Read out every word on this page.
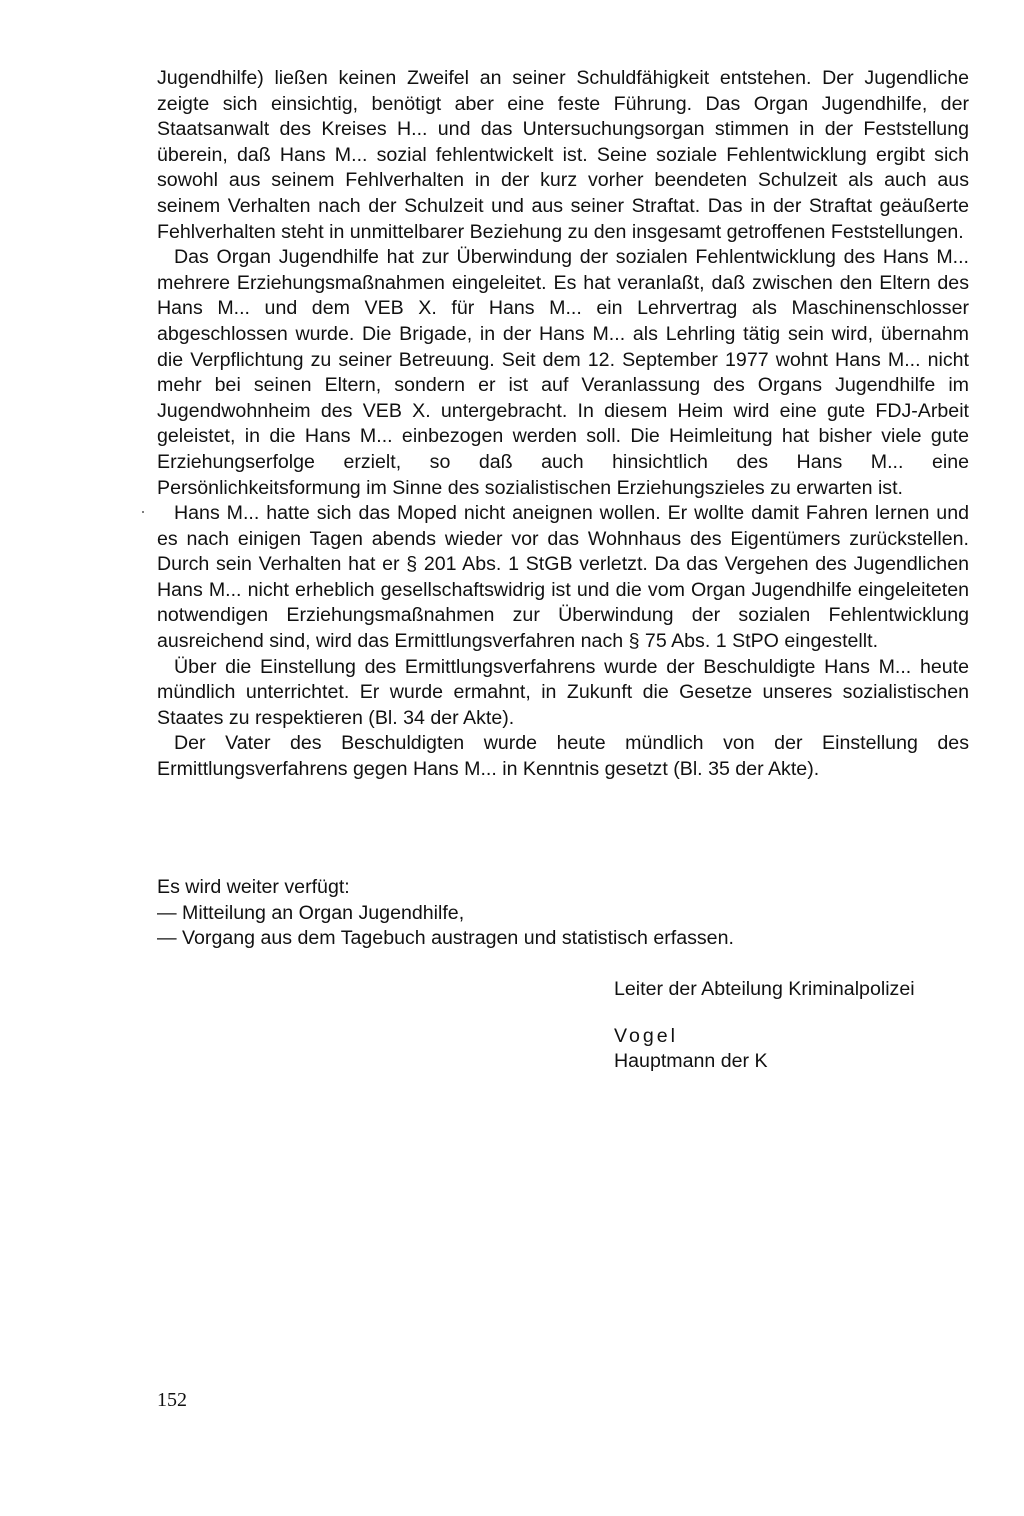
Jugendhilfe) ließen keinen Zweifel an seiner Schuldfähigkeit entstehen. Der Jugendliche zeigte sich einsichtig, benötigt aber eine feste Führung. Das Organ Jugendhilfe, der Staatsanwalt des Kreises H... und das Untersuchungsorgan stimmen in der Feststellung überein, daß Hans M... sozial fehlentwickelt ist. Seine soziale Fehlentwicklung ergibt sich sowohl aus seinem Fehlverhalten in der kurz vorher beendeten Schulzeit als auch aus seinem Verhalten nach der Schulzeit und aus seiner Straftat. Das in der Straftat geäußerte Fehlverhalten steht in unmittelbarer Beziehung zu den insgesamt getroffenen Feststellungen.

Das Organ Jugendhilfe hat zur Überwindung der sozialen Fehlentwicklung des Hans M... mehrere Erziehungsmaßnahmen eingeleitet. Es hat veranlaßt, daß zwischen den Eltern des Hans M... und dem VEB X. für Hans M... ein Lehrvertrag als Maschinenschlosser abgeschlossen wurde. Die Brigade, in der Hans M... als Lehrling tätig sein wird, übernahm die Verpflichtung zu seiner Betreuung. Seit dem 12. September 1977 wohnt Hans M... nicht mehr bei seinen Eltern, sondern er ist auf Veranlassung des Organs Jugendhilfe im Jugendwohnheim des VEB X. untergebracht. In diesem Heim wird eine gute FDJ-Arbeit geleistet, in die Hans M... einbezogen werden soll. Die Heimleitung hat bisher viele gute Erziehungserfolge erzielt, so daß auch hinsichtlich des Hans M... eine Persönlichkeitsformung im Sinne des sozialistischen Erziehungszieles zu erwarten ist.

Hans M... hatte sich das Moped nicht aneignen wollen. Er wollte damit Fahren lernen und es nach einigen Tagen abends wieder vor das Wohnhaus des Eigentümers zurückstellen. Durch sein Verhalten hat er § 201 Abs. 1 StGB verletzt. Da das Vergehen des Jugendlichen Hans M... nicht erheblich gesellschaftswidrig ist und die vom Organ Jugendhilfe eingeleiteten notwendigen Erziehungsmaßnahmen zur Überwindung der sozialen Fehlentwicklung ausreichend sind, wird das Ermittlungsverfahren nach § 75 Abs. 1 StPO eingestellt.

Über die Einstellung des Ermittlungsverfahrens wurde der Beschuldigte Hans M... heute mündlich unterrichtet. Er wurde ermahnt, in Zukunft die Gesetze unseres sozialistischen Staates zu respektieren (Bl. 34 der Akte).

Der Vater des Beschuldigten wurde heute mündlich von der Einstellung des Ermittlungsverfahrens gegen Hans M... in Kenntnis gesetzt (Bl. 35 der Akte).

Es wird weiter verfügt:

— Mitteilung an Organ Jugendhilfe,

— Vorgang aus dem Tagebuch austragen und statistisch erfassen.

Leiter der Abteilung Kriminalpolizei

Vogel

Hauptmann der K

152
